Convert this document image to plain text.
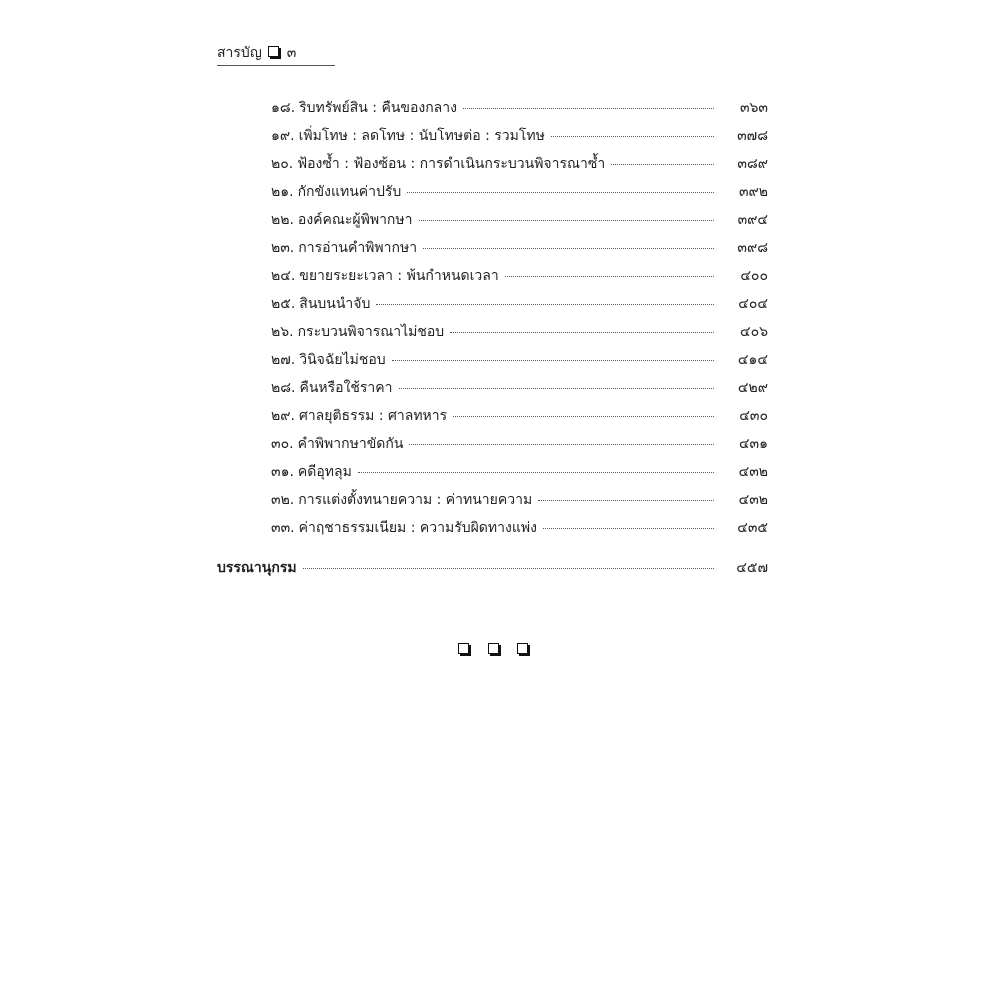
สารบัญ ๓
๑๘. ริบทรัพย์สิน : คืนของกลาง	๓๖๓
๑๙. เพิ่มโทษ : ลดโทษ : นับโทษต่อ : รวมโทษ	๓๗๘
๒๐. ฟ้องซ้ำ : ฟ้องซ้อน : การดำเนินกระบวนพิจารณาซ้ำ	๓๘๙
๒๑. กักขังแทนค่าปรับ	๓๙๒
๒๒. องค์คณะผู้พิพากษา	๓๙๔
๒๓. การอ่านคำพิพากษา	๓๙๘
๒๔. ขยายระยะเวลา : พ้นกำหนดเวลา	๔๐๐
๒๕. สินบนนำจับ	๔๐๔
๒๖. กระบวนพิจารณาไม่ชอบ	๔๐๖
๒๗. วินิจฉัยไม่ชอบ	๔๑๔
๒๘. คืนหรือใช้ราคา	๔๒๙
๒๙. ศาลยุติธรรม : ศาลทหาร	๔๓๐
๓๐. คำพิพากษาขัดกัน	๔๓๑
๓๑. คดีอุทลุม	๔๓๒
๓๒. การแต่งตั้งทนายความ : ค่าทนายความ	๔๓๒
๓๓. ค่าฤชาธรรมเนียม : ความรับผิดทางแพ่ง	๔๓๕
บรรณานุกรม	๔๕๗
